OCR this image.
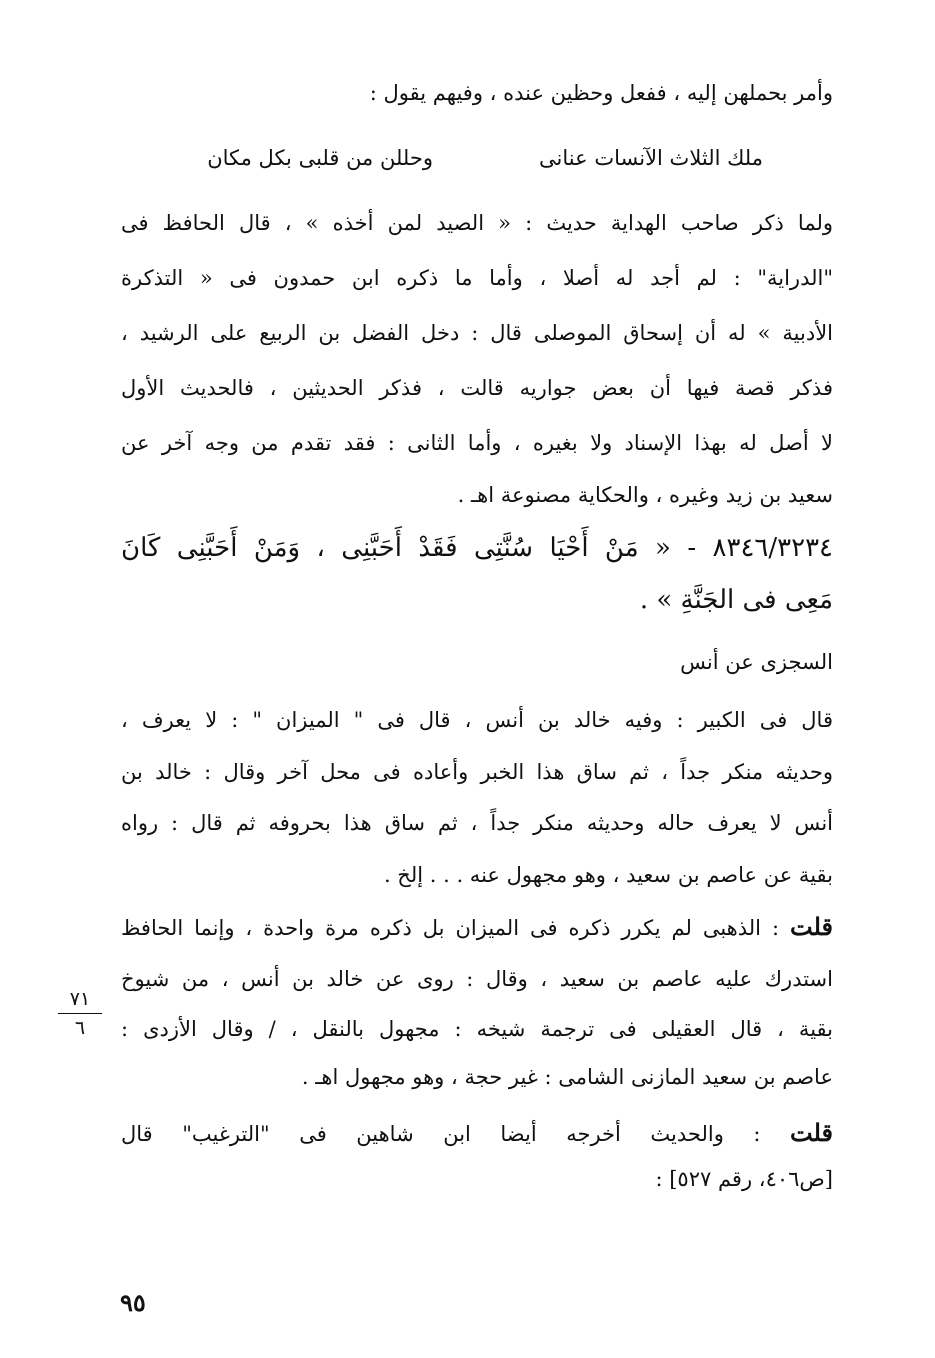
وأمر بحملهن إليه ، ففعل وحظين عنده ، وفيهم يقول :
ملك الثلاث الآنسات عنانى
وحللن من قلبى بكل مكان
ولما ذكر صاحب الهداية حديث : « الصيد لمن أخذه » ، قال الحافظ فى
"الدراية" : لم أجد له أصلا ، وأما ما ذكره ابن حمدون فى « التذكرة
الأدبية » له أن إسحاق الموصلى قال : دخل الفضل بن الربيع على الرشيد ،
فذكر قصة فيها أن بعض جواريه قالت ، فذكر الحديثين ، فالحديث الأول
لا أصل له بهذا الإسناد ولا بغيره ، وأما الثانى : فقد تقدم من وجه آخر عن
سعيد بن زيد وغيره ، والحكاية مصنوعة اهـ .
٨٣٤٦/٣٢٣٤ - « مَنْ أَحْيَا سُنَّتِى فَقَدْ أَحَبَّنِى ، وَمَنْ أَحَبَّنِى كَانَ
مَعِى فى الجَنَّةِ » .
السجزى عن أنس
قال فى الكبير : وفيه خالد بن أنس ، قال فى " الميزان " : لا يعرف ،
وحديثه منكر جداً ، ثم ساق هذا الخبر وأعاده فى محل آخر وقال : خالد بن
أنس لا يعرف حاله وحديثه منكر جداً ، ثم ساق هذا بحروفه ثم قال : رواه
بقية عن عاصم بن سعيد ، وهو مجهول عنه . . . إلخ .
قلت : الذهبى لم يكرر ذكره فى الميزان بل ذكره مرة واحدة ، وإنما الحافظ
استدرك عليه عاصم بن سعيد ، وقال : روى عن خالد بن أنس ، من شيوخ
بقية ، قال العقيلى فى ترجمة شيخه : مجهول بالنقل ، / وقال الأزدى :
عاصم بن سعيد المازنى الشامى : غير حجة ، وهو مجهول اهـ .
قلت : والحديث أخرجه أيضا ابن شاهين فى "الترغيب" قال
[ص٤٠٦، رقم ٥٢٧] :
٧١
٦
٩٥
